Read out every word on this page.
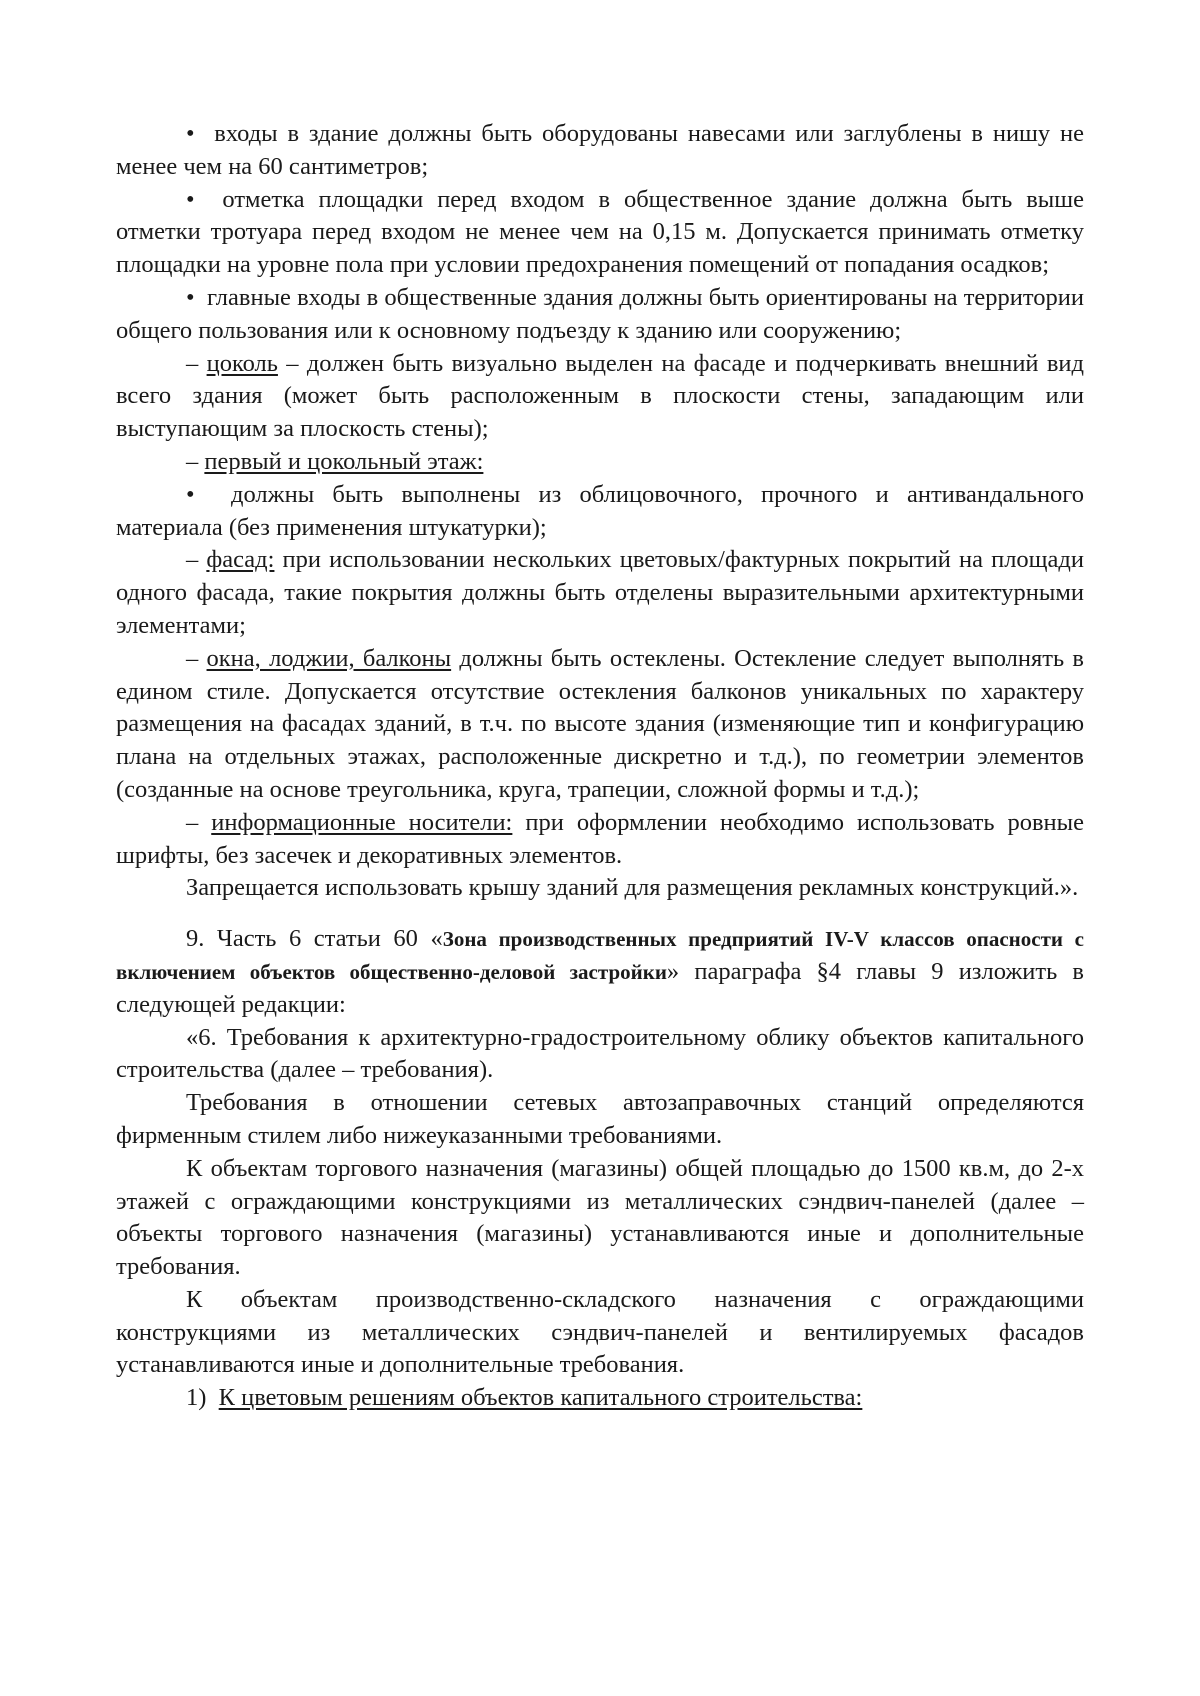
• входы в здание должны быть оборудованы навесами или заглублены в нишу не менее чем на 60 сантиметров;

• отметка площадки перед входом в общественное здание должна быть выше отметки тротуара перед входом не менее чем на 0,15 м. Допускается принимать отметку площадки на уровне пола при условии предохранения помещений от попадания осадков;

• главные входы в общественные здания должны быть ориентированы на территории общего пользования или к основному подъезду к зданию или сооружению;

– цоколь – должен быть визуально выделен на фасаде и подчеркивать внешний вид всего здания (может быть расположенным в плоскости стены, западающим или выступающим за плоскость стены);

– первый и цокольный этаж:

• должны быть выполнены из облицовочного, прочного и антивандального материала (без применения штукатурки);

– фасад: при использовании нескольких цветовых/фактурных покрытий на площади одного фасада, такие покрытия должны быть отделены выразительными архитектурными элементами;

– окна, лоджии, балконы должны быть остеклены. Остекление следует выполнять в едином стиле. Допускается отсутствие остекления балконов уникальных по характеру размещения на фасадах зданий, в т.ч. по высоте здания (изменяющие тип и конфигурацию плана на отдельных этажах, расположенные дискретно и т.д.), по геометрии элементов (созданные на основе треугольника, круга, трапеции, сложной формы и т.д.);

– информационные носители: при оформлении необходимо использовать ровные шрифты, без засечек и декоративных элементов.

Запрещается использовать крышу зданий для размещения рекламных конструкций.».

9. Часть 6 статьи 60 «Зона производственных предприятий IV-V классов опасности с включением объектов общественно-деловой застройки» параграфа §4 главы 9 изложить в следующей редакции:

«6. Требования к архитектурно-градостроительному облику объектов капитального строительства (далее – требования).

Требования в отношении сетевых автозаправочных станций определяются фирменным стилем либо нижеуказанными требованиями.

К объектам торгового назначения (магазины) общей площадью до 1500 кв.м, до 2-х этажей с ограждающими конструкциями из металлических сэндвич-панелей (далее – объекты торгового назначения (магазины) устанавливаются иные и дополнительные требования.

К объектам производственно-складского назначения с ограждающими конструкциями из металлических сэндвич-панелей и вентилируемых фасадов устанавливаются иные и дополнительные требования.

1) К цветовым решениям объектов капитального строительства:
